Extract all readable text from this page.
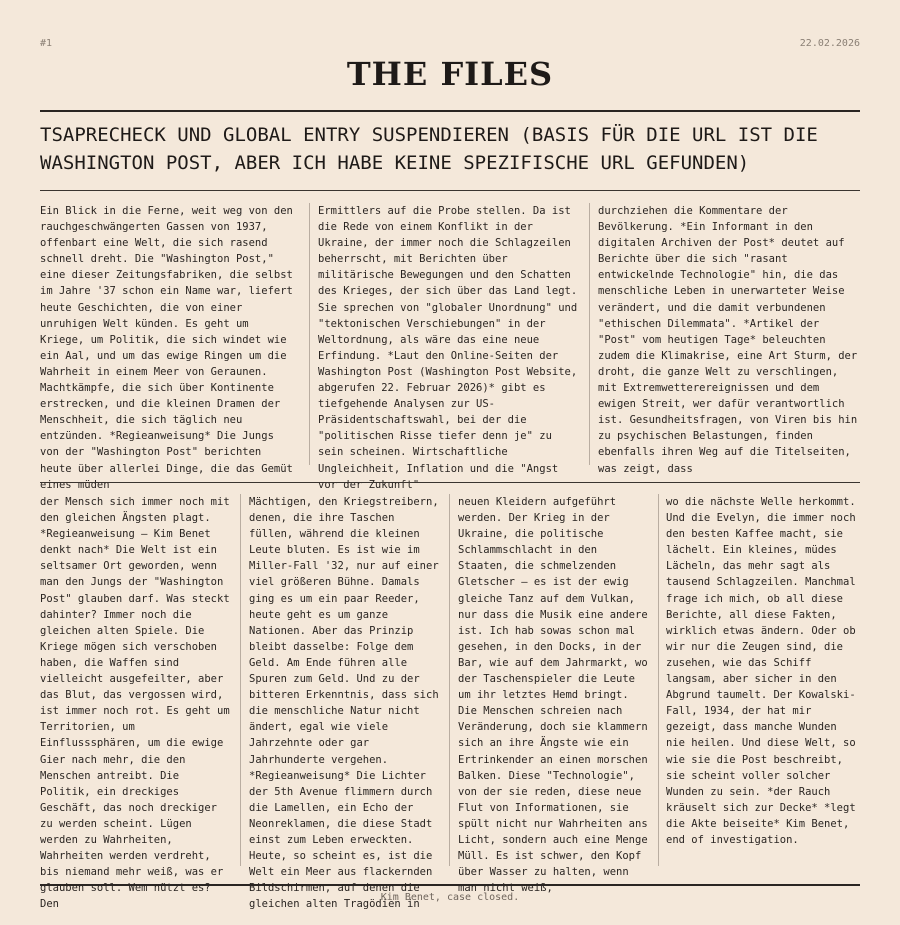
#1	22.02.2026
THE FILES
TSAPRECHECK UND GLOBAL ENTRY SUSPENDIEREN (BASIS FÜR DIE URL IST DIE WASHINGTON POST, ABER ICH HABE KEINE SPEZIFISCHE URL GEFUNDEN)
Ein Blick in die Ferne, weit weg von den rauchgeschwängerten Gassen von 1937, offenbart eine Welt, die sich rasend schnell dreht. Die "Washington Post," eine dieser Zeitungsfabriken, die selbst im Jahre '37 schon ein Name war, liefert heute Geschichten, die von einer unruhigen Welt künden. Es geht um Kriege, um Politik, die sich windet wie ein Aal, und um das ewige Ringen um die Wahrheit in einem Meer von Geraunen. Machtkämpfe, die sich über Kontinente erstrecken, und die kleinen Dramen der Menschheit, die sich täglich neu entzünden. *Regieanweisung* Die Jungs von der "Washington Post" berichten heute über allerlei Dinge, die das Gemüt eines müden
Ermittlers auf die Probe stellen. Da ist die Rede von einem Konflikt in der Ukraine, der immer noch die Schlagzeilen beherrscht, mit Berichten über militärische Bewegungen und den Schatten des Krieges, der sich über das Land legt. Sie sprechen von "globaler Unordnung" und "tektonischen Verschiebungen" in der Weltordnung, als wäre das eine neue Erfindung. *Laut den Online-Seiten der Washington Post (Washington Post Website, abgerufen 22. Februar 2026)* gibt es tiefgehende Analysen zur US-Präsidentschaftswahl, bei der die "politischen Risse tiefer denn je" zu sein scheinen. Wirtschaftliche Ungleichheit, Inflation und die "Angst vor der Zukunft"
durchziehen die Kommentare der Bevölkerung. *Ein Informant in den digitalen Archiven der Post* deutet auf Berichte über die sich "rasant entwickelnde Technologie" hin, die das menschliche Leben in unerwarteter Weise verändert, und die damit verbundenen "ethischen Dilemmata". *Artikel der "Post" vom heutigen Tage* beleuchten zudem die Klimakrise, eine Art Sturm, der droht, die ganze Welt zu verschlingen, mit Extremwetterereignissen und dem ewigen Streit, wer dafür verantwortlich ist. Gesundheitsfragen, von Viren bis hin zu psychischen Belastungen, finden ebenfalls ihren Weg auf die Titelseiten, was zeigt, dass
der Mensch sich immer noch mit den gleichen Ängsten plagt. *Regieanweisung – Kim Benet denkt nach* Die Welt ist ein seltsamer Ort geworden, wenn man den Jungs der "Washington Post" glauben darf. Was steckt dahinter? Immer noch die gleichen alten Spiele. Die Kriege mögen sich verschoben haben, die Waffen sind vielleicht ausgefeilter, aber das Blut, das vergossen wird, ist immer noch rot. Es geht um Territorien, um Einflusssphären, um die ewige Gier nach mehr, die den Menschen antreibt. Die Politik, ein dreckiges Geschäft, das noch dreckiger zu werden scheint. Lügen werden zu Wahrheiten, Wahrheiten werden verdreht, bis niemand mehr weiß, was er glauben soll. Wem nützt es? Den
Mächtigen, den Kriegstreibern, denen, die ihre Taschen füllen, während die kleinen Leute bluten. Es ist wie im Miller-Fall '32, nur auf einer viel größeren Bühne. Damals ging es um ein paar Reeder, heute geht es um ganze Nationen. Aber das Prinzip bleibt dasselbe: Folge dem Geld. Am Ende führen alle Spuren zum Geld. Und zu der bitteren Erkenntnis, dass sich die menschliche Natur nicht ändert, egal wie viele Jahrzehnte oder gar Jahrhunderte vergehen. *Regieanweisung* Die Lichter der 5th Avenue flimmern durch die Lamellen, ein Echo der Neonreklamen, die diese Stadt einst zum Leben erweckten. Heute, so scheint es, ist die Welt ein Meer aus flackernden Bildschirmen, auf denen die gleichen alten Tragödien in
neuen Kleidern aufgeführt werden. Der Krieg in der Ukraine, die politische Schlammschlacht in den Staaten, die schmelzenden Gletscher – es ist der ewig gleiche Tanz auf dem Vulkan, nur dass die Musik eine andere ist. Ich hab sowas schon mal gesehen, in den Docks, in der Bar, wie auf dem Jahrmarkt, wo der Taschenspieler die Leute um ihr letztes Hemd bringt. Die Menschen schreien nach Veränderung, doch sie klammern sich an ihre Ängste wie ein Ertrinkender an einen morschen Balken. Diese "Technologie", von der sie reden, diese neue Flut von Informationen, sie spült nicht nur Wahrheiten ans Licht, sondern auch eine Menge Müll. Es ist schwer, den Kopf über Wasser zu halten, wenn man nicht weiß,
wo die nächste Welle herkommt. Und die Evelyn, die immer noch den besten Kaffee macht, sie lächelt. Ein kleines, müdes Lächeln, das mehr sagt als tausend Schlagzeilen. Manchmal frage ich mich, ob all diese Berichte, all diese Fakten, wirklich etwas ändern. Oder ob wir nur die Zeugen sind, die zusehen, wie das Schiff langsam, aber sicher in den Abgrund taumelt. Der Kowalski-Fall, 1934, der hat mir gezeigt, dass manche Wunden nie heilen. Und diese Welt, so wie sie die Post beschreibt, sie scheint voller solcher Wunden zu sein. *der Rauch kräuselt sich zur Decke* *legt die Akte beiseite* Kim Benet, end of investigation.
Kim Benet, case closed.
